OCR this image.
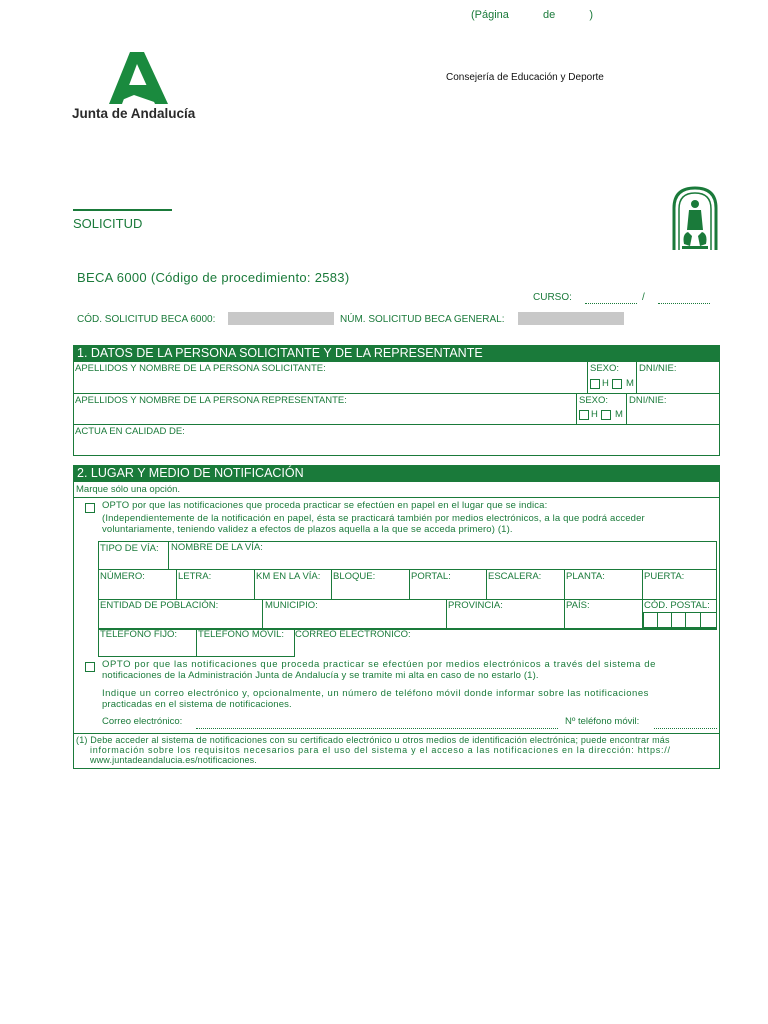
(Página	de	)
Junta de Andalucía
Consejería de Educación y Deporte
SOLICITUD
BECA 6000 (Código de procedimiento: 2583)
CURSO:	/
CÓD. SOLICITUD BECA 6000:	NÚM. SOLICITUD BECA GENERAL:
1. DATOS DE LA PERSONA SOLICITANTE Y DE LA REPRESENTANTE
APELLIDOS Y NOMBRE DE LA PERSONA SOLICITANTE:	SEXO:
H M
DNI/NIE:
APELLIDOS Y NOMBRE DE LA PERSONA REPRESENTANTE:	SEXO:
H M
DNI/NIE:
ACTUA EN CALIDAD DE:
2. LUGAR Y MEDIO DE NOTIFICACIÓN
Marque sólo una opción.
OPTO por que las notificaciones que proceda practicar se efectúen en papel en el lugar que se indica:
(Independientemente de la notificación en papel, ésta se practicará también por medios electrónicos, a la que podrá acceder
voluntariamente, teniendo validez a efectos de plazos aquella a la que se acceda primero) (1).
TIPO DE VÍA: NOMBRE DE LA VÍA:
NÚMERO:	LETRA:	KM EN LA VÍA: BLOQUE:	PORTAL:	ESCALERA:	PLANTA:	PUERTA:
ENTIDAD DE POBLACIÓN:	MUNICIPIO:	PROVINCIA:	PAÍS:	CÓD. POSTAL:
TELÉFONO FIJO: TELÉFONO MÓVIL: CORREO ELECTRÓNICO:
OPTO por que las notificaciones que proceda practicar se efectúen por medios electrónicos a través del sistema de
notificaciones de la Administración Junta de Andalucía y se tramite mi alta en caso de no estarlo (1).
Indique un correo electrónico y, opcionalmente, un número de teléfono móvil donde informar sobre las notificaciones
practicadas en el sistema de notificaciones.
Correo electrónico:	Nº teléfono móvil:
(1) Debe acceder al sistema de notificaciones con su certificado electrónico u otros medios de identificación electrónica; puede encontrar más
información sobre los requisitos necesarios para el uso del sistema y el acceso a las notificaciones en la dirección: https://
www.juntadeandalucia.es/notificaciones.
